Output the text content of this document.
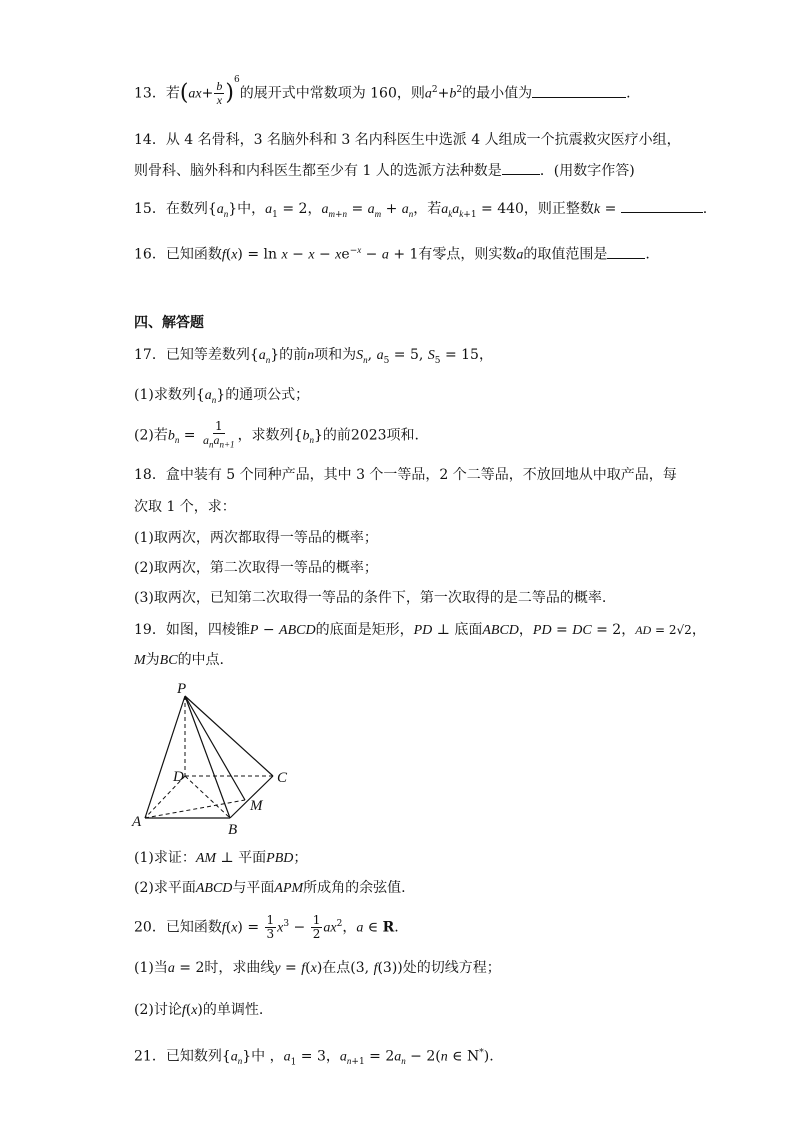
13．若$(ax+ \frac{b}{x} )^6$的展开式中常数项为 160，则$a^2+b^2$的最小值为	.
14．从 4 名骨科，3 名脑外科和 3 名内科医生中选派 4 人组成一个抗震救灾医疗小组，
则骨科、脑外科和内科医生都至少有 1 人的选派方法种数是	．(用数字作答)
15．在数列$\{a_n\}$中，$a_1 = 2$，$a_{m+n} = a_m + a_n$，若$a_ka_{k+1} = 440$，则正整数k =	.
16．已知函数$f(x) = \ln x - x - xe^{-x} - a + 1$有零点，则实数a的取值范围是	.
四、解答题
17．已知等差数列$\{a_n\}$的前n项和为$S_n$, $a_5 = 5$, $S_5 = 15$，
(1)求数列$\{a_n\}$的通项公式；
(2)若$b_n = \frac{1}{a_na_{n+1}}$ ，求数列$\{b_n\}$的前2023项和.
18．盒中装有 5 个同种产品，其中 3 个一等品，2 个二等品，不放回地从中取产品，每
次取 1 个，求：
(1)取两次，两次都取得一等品的概率；
(2)取两次，第二次取得一等品的概率；
(3)取两次，已知第二次取得一等品的条件下，第一次取得的是二等品的概率.
19．如图，四棱锥P − ABCD的底面是矩形，PD ⊥ 底面ABCD，PD = DC = 2，AD = 2√2，
M为BC的中点.
P
A	B
C
D
M
(1)求证：AM ⊥ 平面PBD；
(2)求平面ABCD与平面APM所成角的余弦值.
20．已知函数$f(x) = \frac{1}{3} x^3 - \frac{1}{2} ax^2$，a ∈ R.
(1)当a = 2时，求曲线y = f(x)在点(3, f(3))处的切线方程；
(2)讨论f(x)的单调性.
21．已知数列$\{a_n\}$中 ，$a_1 = 3$，$a_{n+1} = 2a_n - 2(n$ ∈ N*).
